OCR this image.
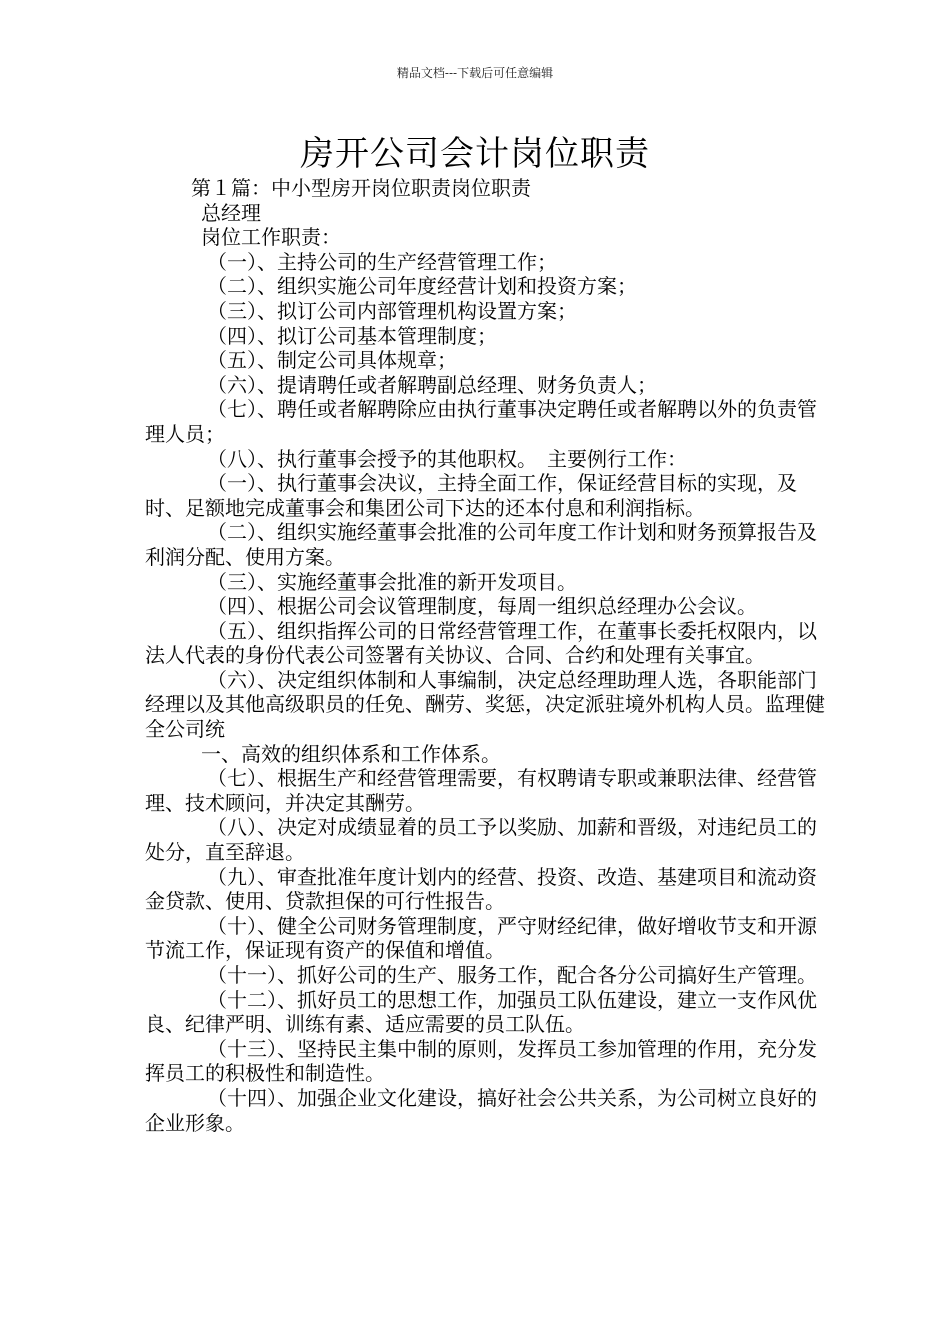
精品文档---下载后可任意编辑
房开公司会计岗位职责

第１篇：中小型房开岗位职责岗位职责

总经理

岗位工作职责：

（一）、主持公司的生产经营管理工作；

（二）、组织实施公司年度经营计划和投资方案；

（三）、拟订公司内部管理机构设置方案；

（四）、拟订公司基本管理制度；

（五）、制定公司具体规章；

（六）、提请聘任或者解聘副总经理、财务负责人；

（七）、聘任或者解聘除应由执行董事决定聘任或者解聘以外的负责管理人员；

（八）、执行董事会授予的其他职权。　主要例行工作：

（一）、执行董事会决议，主持全面工作，保证经营目标的实现，及时、足额地完成董事会和集团公司下达的还本付息和利润指标。

（二）、组织实施经董事会批准的公司年度工作计划和财务预算报告及利润分配、使用方案。

（三）、实施经董事会批准的新开发项目。

（四）、根据公司会议管理制度，每周一组织总经理办公会议。

（五）、组织指挥公司的日常经营管理工作，在董事长委托权限内，以法人代表的身份代表公司签署有关协议、合同、合约和处理有关事宜。

（六）、决定组织体制和人事编制，决定总经理助理人选，各职能部门经理以及其他高级职员的任免、酬劳、奖惩，决定派驻境外机构人员。监理健全公司统

一、高效的组织体系和工作体系。

（七）、根据生产和经营管理需要，有权聘请专职或兼职法律、经营管理、技术顾问，并决定其酬劳。

（八）、决定对成绩显着的员工予以奖励、加薪和晋级，对违纪员工的处分，直至辞退。

（九）、审查批准年度计划内的经营、投资、改造、基建项目和流动资金贷款、使用、贷款担保的可行性报告。

（十）、健全公司财务管理制度，严守财经纪律，做好增收节支和开源节流工作，保证现有资产的保值和增值。

（十一）、抓好公司的生产、服务工作，配合各分公司搞好生产管理。

（十二）、抓好员工的思想工作，加强员工队伍建设，建立一支作风优良、纪律严明、训练有素、适应需要的员工队伍。

（十三）、坚持民主集中制的原则，发挥员工参加管理的作用，充分发挥员工的积极性和制造性。

（十四）、加强企业文化建设，搞好社会公共关系，为公司树立良好的企业形象。
